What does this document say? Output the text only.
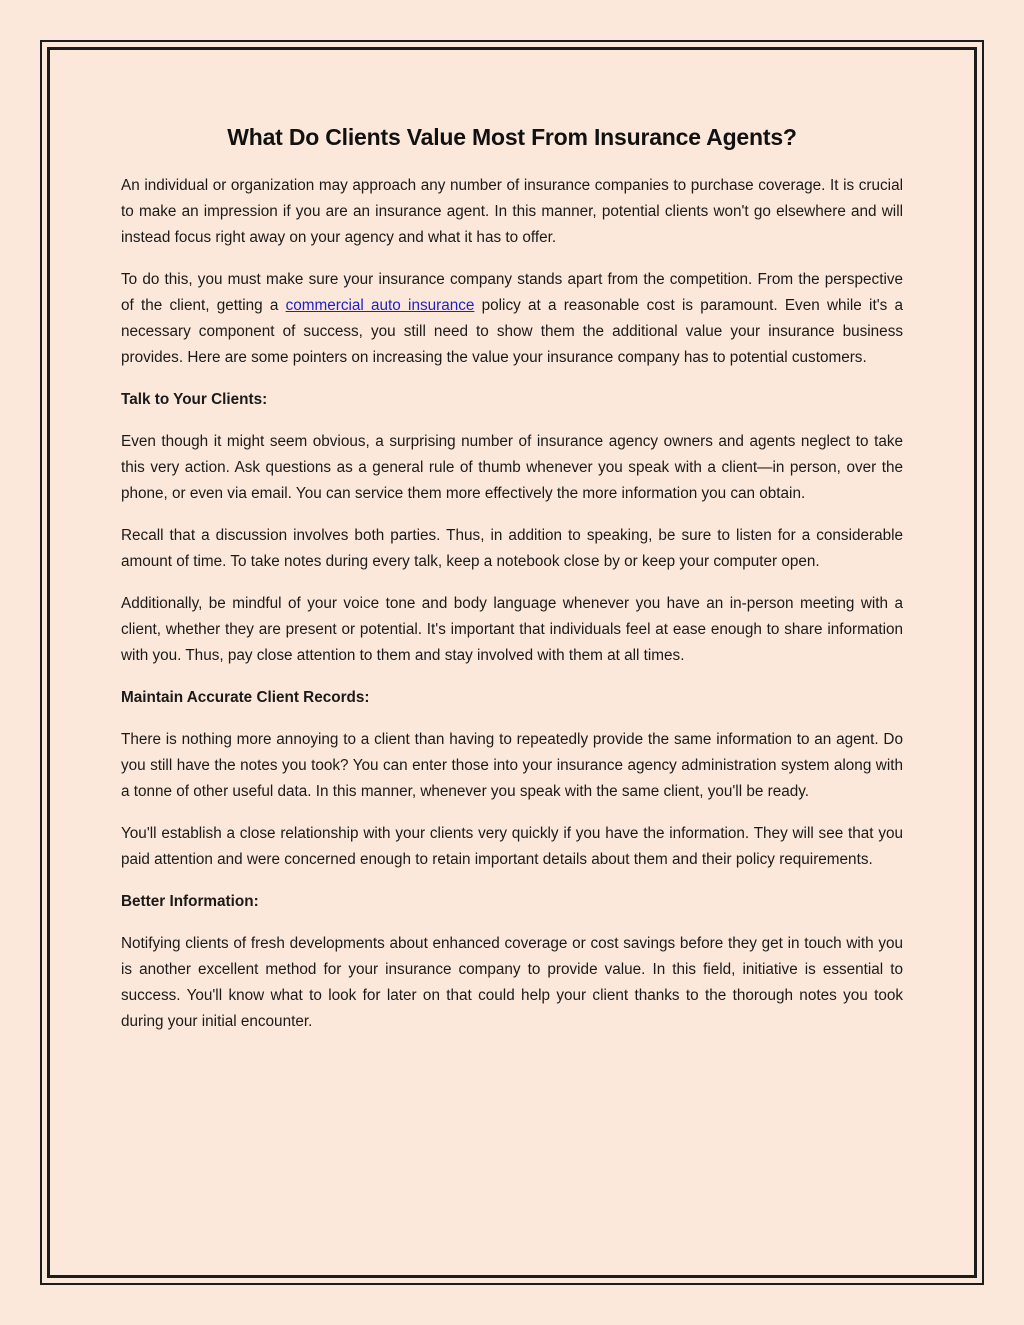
What Do Clients Value Most From Insurance Agents?

An individual or organization may approach any number of insurance companies to purchase coverage. It is crucial to make an impression if you are an insurance agent. In this manner, potential clients won't go elsewhere and will instead focus right away on your agency and what it has to offer.

To do this, you must make sure your insurance company stands apart from the competition. From the perspective of the client, getting a commercial auto insurance policy at a reasonable cost is paramount. Even while it's a necessary component of success, you still need to show them the additional value your insurance business provides. Here are some pointers on increasing the value your insurance company has to potential customers.

Talk to Your Clients:

Even though it might seem obvious, a surprising number of insurance agency owners and agents neglect to take this very action. Ask questions as a general rule of thumb whenever you speak with a client—in person, over the phone, or even via email. You can service them more effectively the more information you can obtain.

Recall that a discussion involves both parties. Thus, in addition to speaking, be sure to listen for a considerable amount of time. To take notes during every talk, keep a notebook close by or keep your computer open.

Additionally, be mindful of your voice tone and body language whenever you have an in-person meeting with a client, whether they are present or potential. It's important that individuals feel at ease enough to share information with you. Thus, pay close attention to them and stay involved with them at all times.

Maintain Accurate Client Records:

There is nothing more annoying to a client than having to repeatedly provide the same information to an agent. Do you still have the notes you took? You can enter those into your insurance agency administration system along with a tonne of other useful data. In this manner, whenever you speak with the same client, you'll be ready.

You'll establish a close relationship with your clients very quickly if you have the information. They will see that you paid attention and were concerned enough to retain important details about them and their policy requirements.

Better Information:

Notifying clients of fresh developments about enhanced coverage or cost savings before they get in touch with you is another excellent method for your insurance company to provide value. In this field, initiative is essential to success. You'll know what to look for later on that could help your client thanks to the thorough notes you took during your initial encounter.
